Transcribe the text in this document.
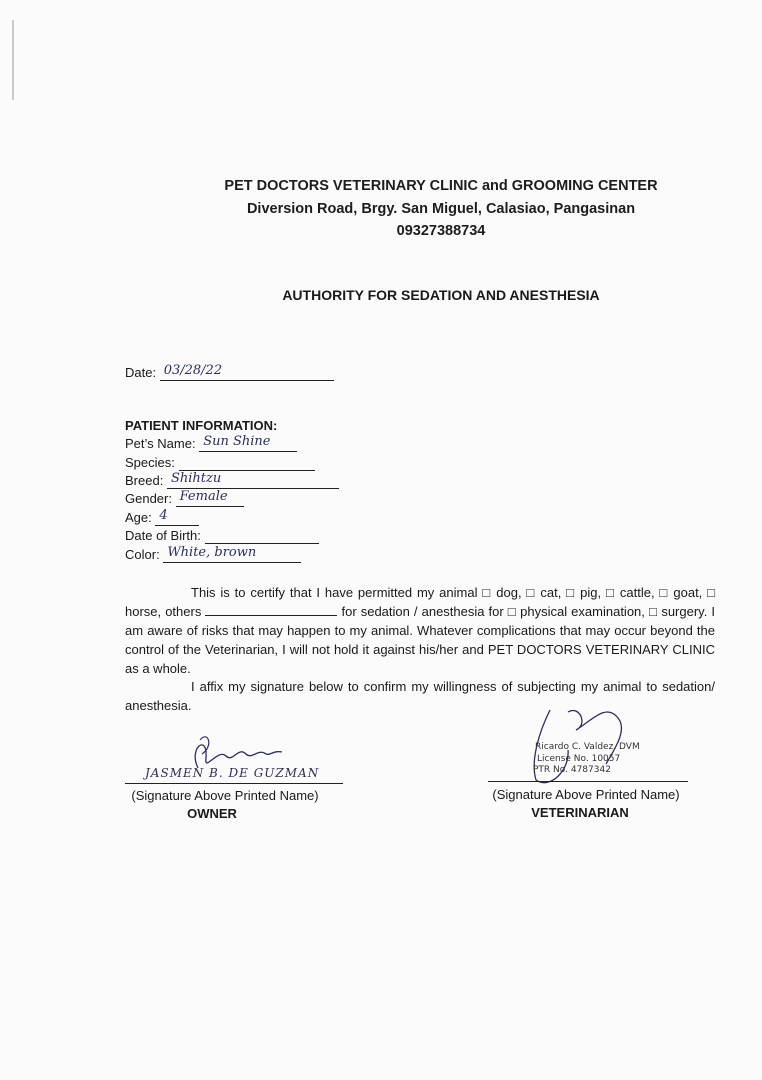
PET DOCTORS VETERINARY CLINIC and GROOMING CENTER
Diversion Road, Brgy. San Miguel, Calasiao, Pangasinan
09327388734
AUTHORITY FOR SEDATION AND ANESTHESIA
Date: 03/28/22
PATIENT INFORMATION:
Pet’s Name: Sun Shine
Species:
Breed: Shihtzu
Gender: Female
Age: 4
Date of Birth:
Color: White, brown
This is to certify that I have permitted my animal □ dog, □ cat, □ pig, □ cattle, □ goat, □ horse, others	for sedation / anesthesia for □ physical examination, □ surgery. I am aware of risks that may happen to my animal. Whatever complications that may occur beyond the control of the Veterinarian, I will not hold it against his/her and PET DOCTORS VETERINARY CLINIC as a whole.
I affix my signature below to confirm my willingness of subjecting my animal to sedation/ anesthesia.
JASMEN B. DE GUZMAN
(Signature Above Printed Name)
OWNER
Ricardo C. Valdez, DVM
License No. 10057
PTR No. 4787342
(Signature Above Printed Name)
VETERINARIAN
